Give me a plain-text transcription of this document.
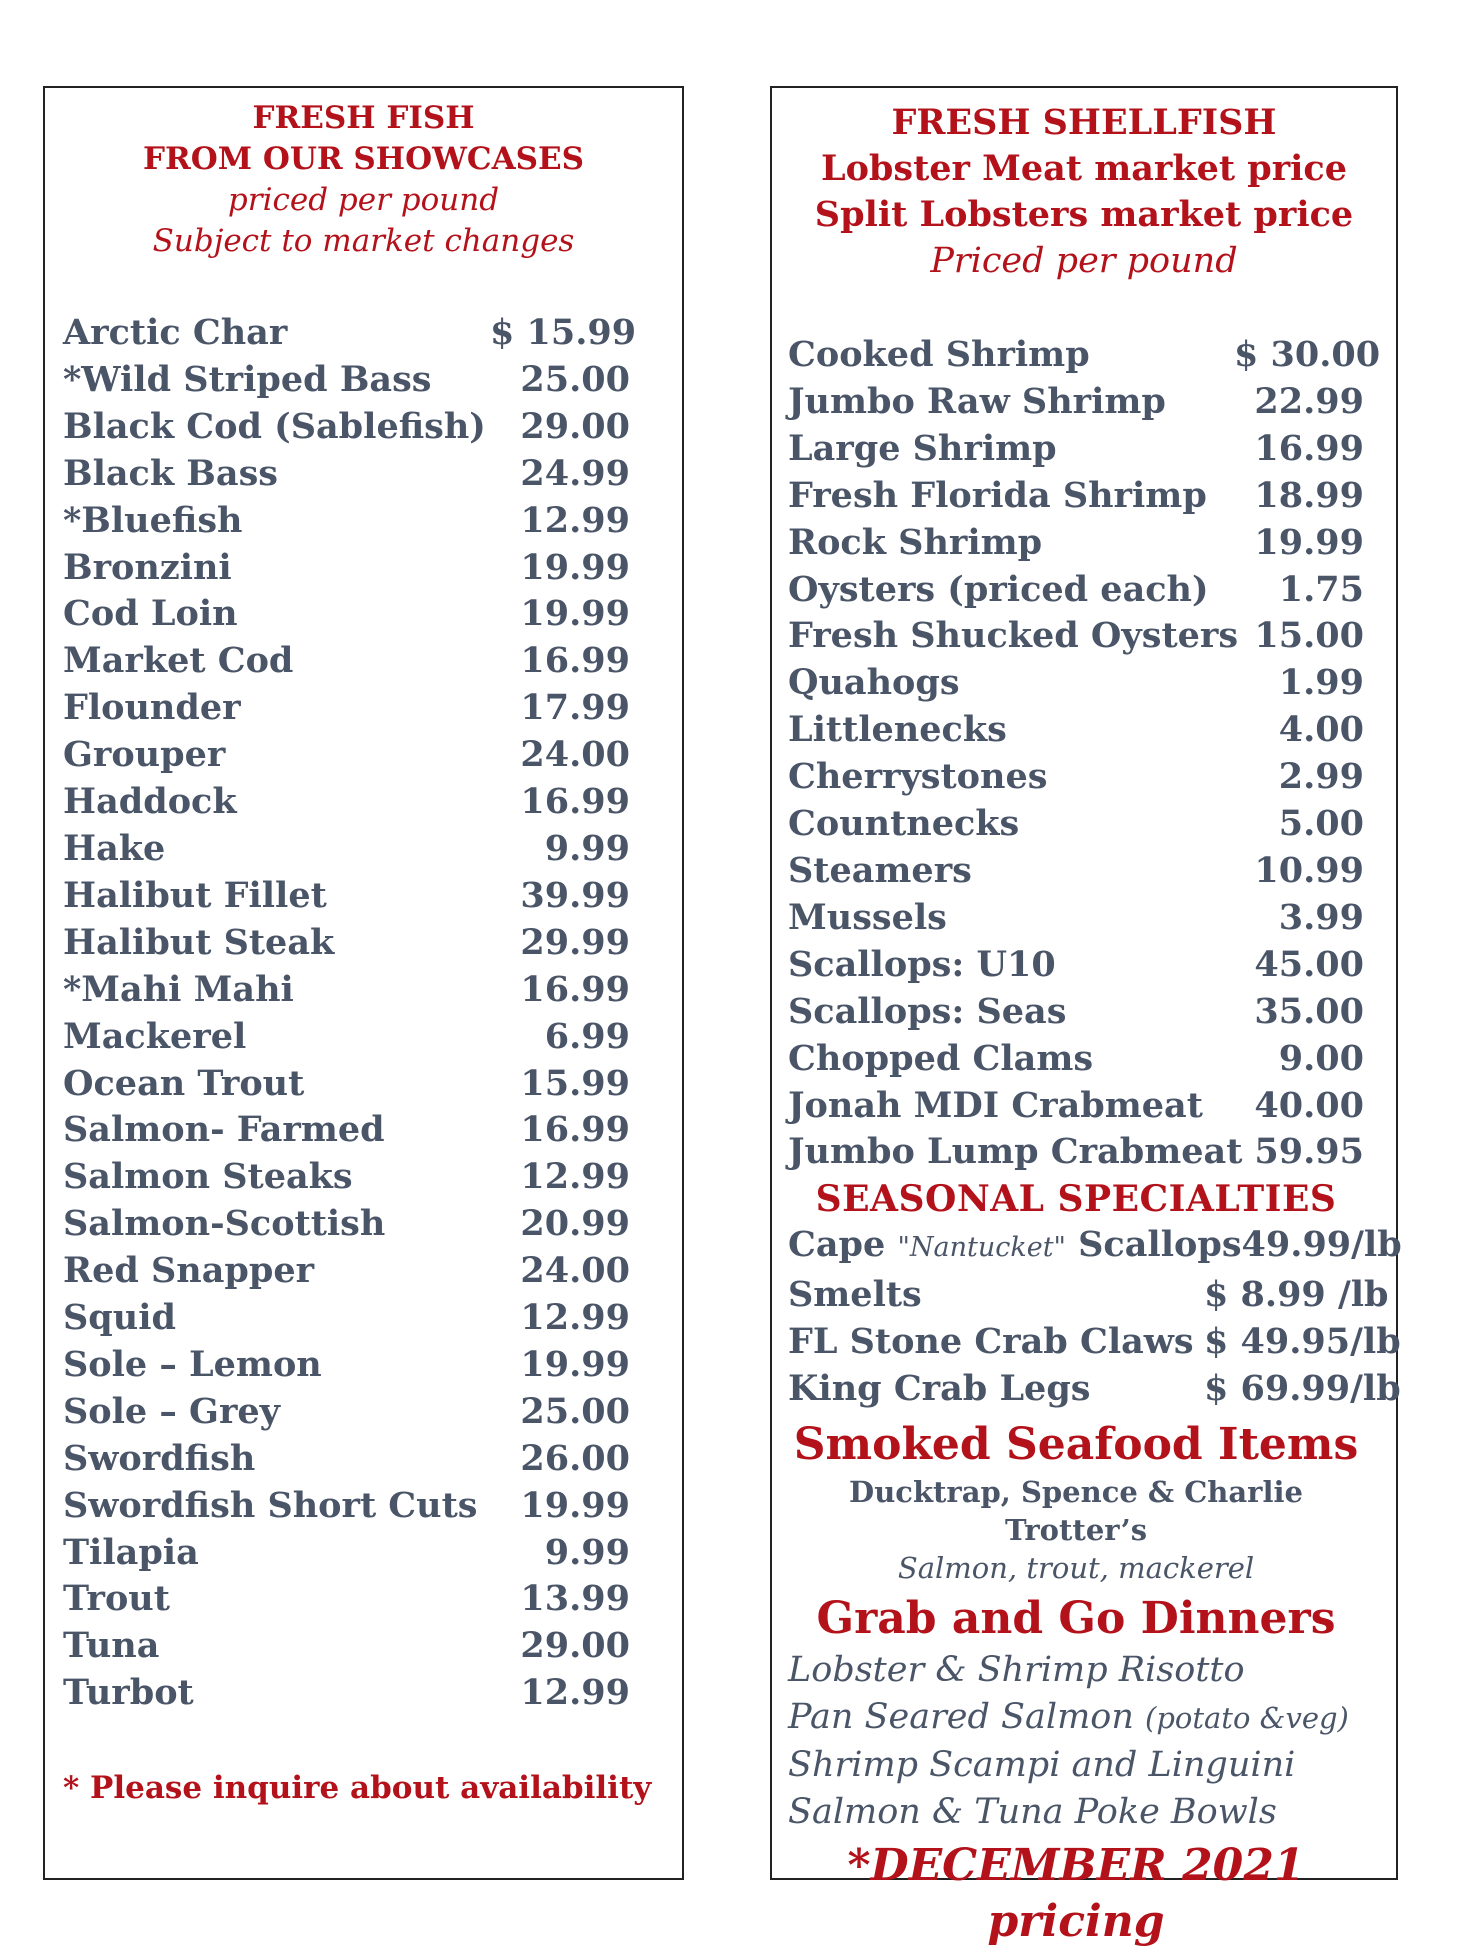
FRESH FISH
FROM OUR SHOWCASES
priced per pound
Subject to market changes
Arctic Char	$ 15.99
*Wild Striped Bass	25.00
Black Cod (Sablefish) 29.00
Black Bass	24.99
*Bluefish	12.99
Bronzini	19.99
Cod Loin	19.99
Market Cod	16.99
Flounder	17.99
Grouper	24.00
Haddock	16.99
Hake	9.99
Halibut Fillet	39.99
Halibut Steak	29.99
*Mahi Mahi	16.99
Mackerel	6.99
Ocean Trout	15.99
Salmon- Farmed	16.99
Salmon Steaks	12.99
Salmon-Scottish	20.99
Red Snapper	24.00
Squid	12.99
Sole – Lemon	19.99
Sole – Grey	25.00
Swordfish	26.00
Swordfish Short Cuts	19.99
Tilapia	9.99
Trout	13.99
Tuna	29.00
Turbot	12.99
* Please inquire about availability
FRESH SHELLFISH
Lobster Meat market price
Split Lobsters market price
Priced per pound
Cooked Shrimp	$ 30.00
Jumbo Raw Shrimp	22.99
Large Shrimp	16.99
Fresh Florida Shrimp	18.99
Rock Shrimp	19.99
Oysters (priced each)	1.75
Fresh Shucked Oysters 15.00
Quahogs	1.99
Littlenecks	4.00
Cherrystones	2.99
Countnecks	5.00
Steamers	10.99
Mussels	3.99
Scallops: U10	45.00
Scallops: Seas	35.00
Chopped Clams	9.00
Jonah MDI Crabmeat	40.00
Jumbo Lump Crabmeat 59.95
SEASONAL SPECIALTIES
Cape "Nantucket" Scallops 49.99/lb
Smelts	$ 8.99 /lb
FL Stone Crab Claws $ 49.95/lb
King Crab Legs	$ 69.99/lb
Smoked Seafood Items
Ducktrap, Spence & Charlie Trotter’s
Salmon, trout, mackerel
Grab and Go Dinners
Lobster & Shrimp Risotto
Pan Seared Salmon (potato &veg)
Shrimp Scampi and Linguini
Salmon & Tuna Poke Bowls
*DECEMBER 2021 pricing
